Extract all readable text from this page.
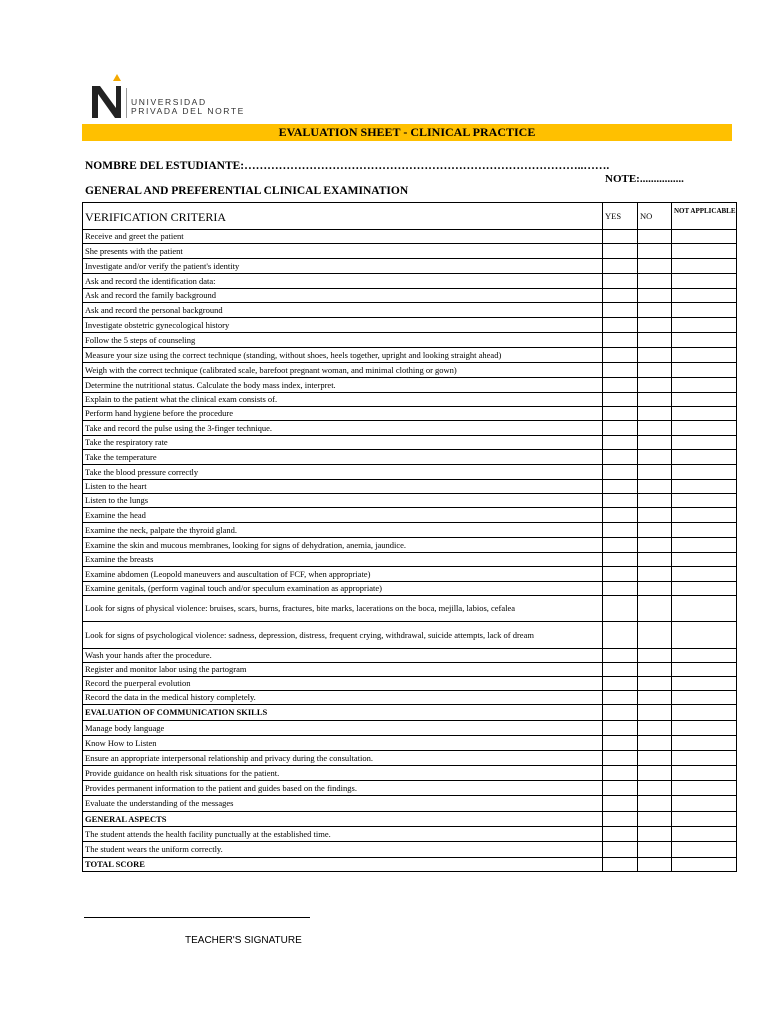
UNIVERSIDAD
PRIVADA DEL NORTE
EVALUATION SHEET - CLINICAL PRACTICE
NOMBRE DEL ESTUDIANTE:……………………………………………………………………………..…….
NOTE:................
GENERAL AND PREFERENTIAL CLINICAL EXAMINATION
VERIFICATION CRITERIA	YES	NO	NOT APPLICABLE
Receive and greet the patient			
She presents with the patient			
Investigate and/or verify the patient's identity			
Ask and record the identification data:			
Ask and record the family background			
Ask and record the personal background			
Investigate obstetric gynecological history			
Follow the 5 steps of counseling			
Measure your size using the correct technique (standing, without shoes, heels together, upright and looking straight ahead)			
Weigh with the correct technique (calibrated scale, barefoot pregnant woman, and minimal clothing or gown)			
Determine the nutritional status. Calculate the body mass index, interpret.			
Explain to the patient what the clinical exam consists of.			
Perform hand hygiene before the procedure			
Take and record the pulse using the 3-finger technique.			
Take the respiratory rate			
Take the temperature			
Take the blood pressure correctly			
Listen to the heart			
Listen to the lungs			
Examine the head			
Examine the neck, palpate the thyroid gland.			
Examine the skin and mucous membranes, looking for signs of dehydration, anemia, jaundice.			
Examine the breasts			
Examine abdomen (Leopold maneuvers and auscultation of FCF, when appropriate)			
Examine genitals, (perform vaginal touch and/or speculum examination as appropriate)			
Look for signs of physical violence: bruises, scars, burns, fractures, bite marks, lacerations on the boca, mejilla, labios, cefalea			
Look for signs of psychological violence: sadness, depression, distress, frequent crying, withdrawal, suicide attempts, lack of dream			
Wash your hands after the procedure.			
Register and monitor labor using the partogram			
Record the puerperal evolution			
Record the data in the medical history completely.			
EVALUATION OF COMMUNICATION SKILLS			
Manage body language			
Know How to Listen			
Ensure an appropriate interpersonal relationship and privacy during the consultation.			
Provide guidance on health risk situations for the patient.			
Provides permanent information to the patient and guides based on the findings.			
Evaluate the understanding of the messages			
GENERAL ASPECTS			
The student attends the health facility punctually at the established time.			
The student wears the uniform correctly.			
TOTAL SCORE			
TEACHER'S SIGNATURE
